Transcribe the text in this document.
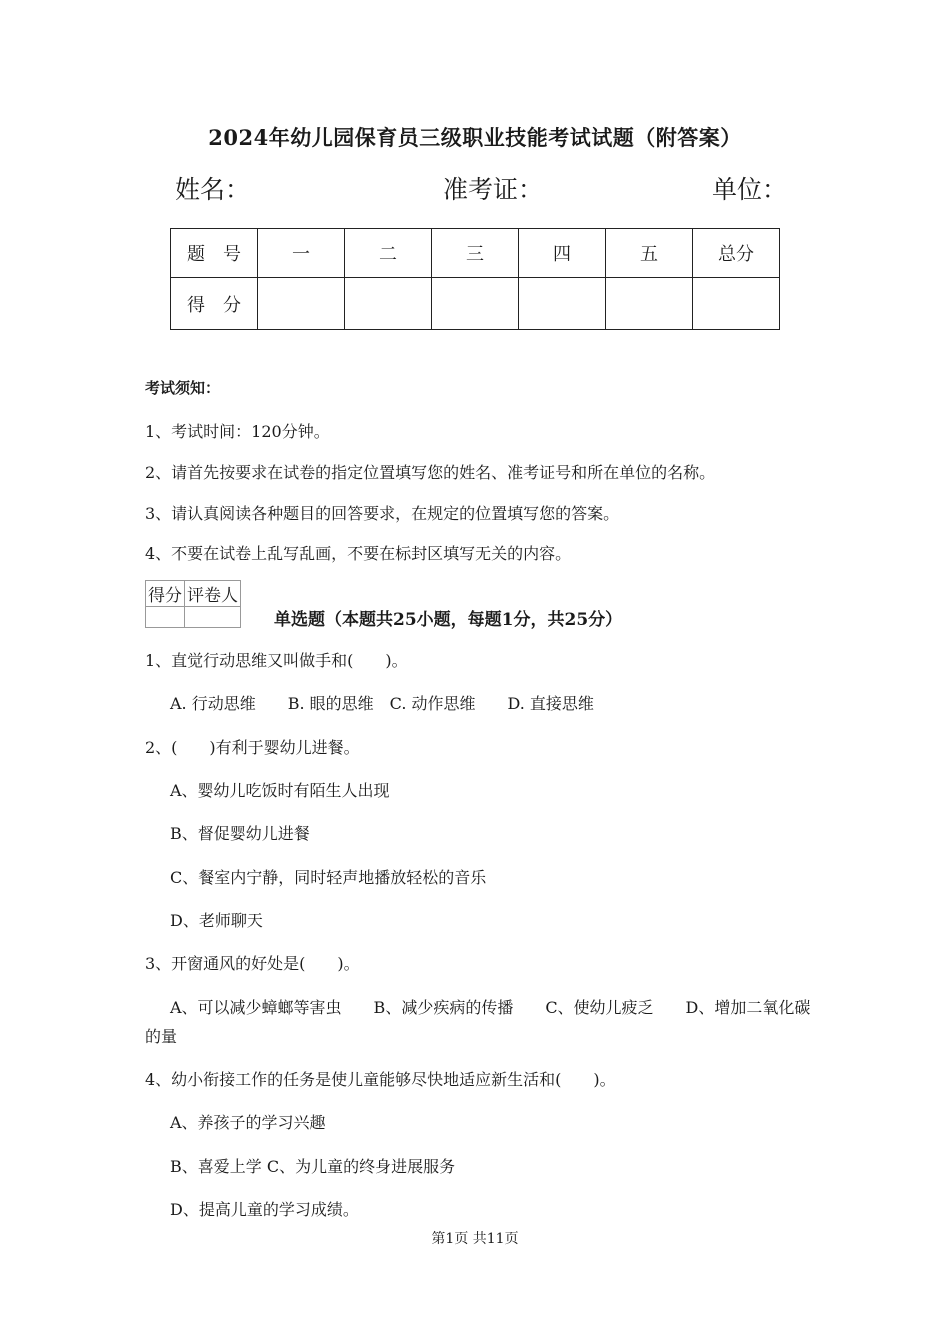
2024年幼儿园保育员三级职业技能考试试题（附答案）
姓名：	准考证：	单位：
题　号	一	二	三	四	五	总分
得　分						
考试须知：
1、考试时间：120分钟。
2、请首先按要求在试卷的指定位置填写您的姓名、准考证号和所在单位的名称。
3、请认真阅读各种题目的回答要求，在规定的位置填写您的答案。
4、不要在试卷上乱写乱画，不要在标封区填写无关的内容。
得分	评卷人

单选题（本题共25小题，每题1分，共25分）
1、直觉行动思维又叫做手和(　　)。
A. 行动思维　　B. 眼的思维　C. 动作思维　　D. 直接思维
2、(　　)有利于婴幼儿进餐。
A、婴幼儿吃饭时有陌生人出现
B、督促婴幼儿进餐
C、餐室内宁静，同时轻声地播放轻松的音乐
D、老师聊天
3、开窗通风的好处是(　　)。
A、可以减少蟑螂等害虫　　B、减少疾病的传播　　C、使幼儿疲乏　　D、增加二氧化碳
的量
4、幼小衔接工作的任务是使儿童能够尽快地适应新生活和(　　)。
A、养孩子的学习兴趣
B、喜爱上学 C、为儿童的终身进展服务
D、提高儿童的学习成绩。
第1页 共11页
